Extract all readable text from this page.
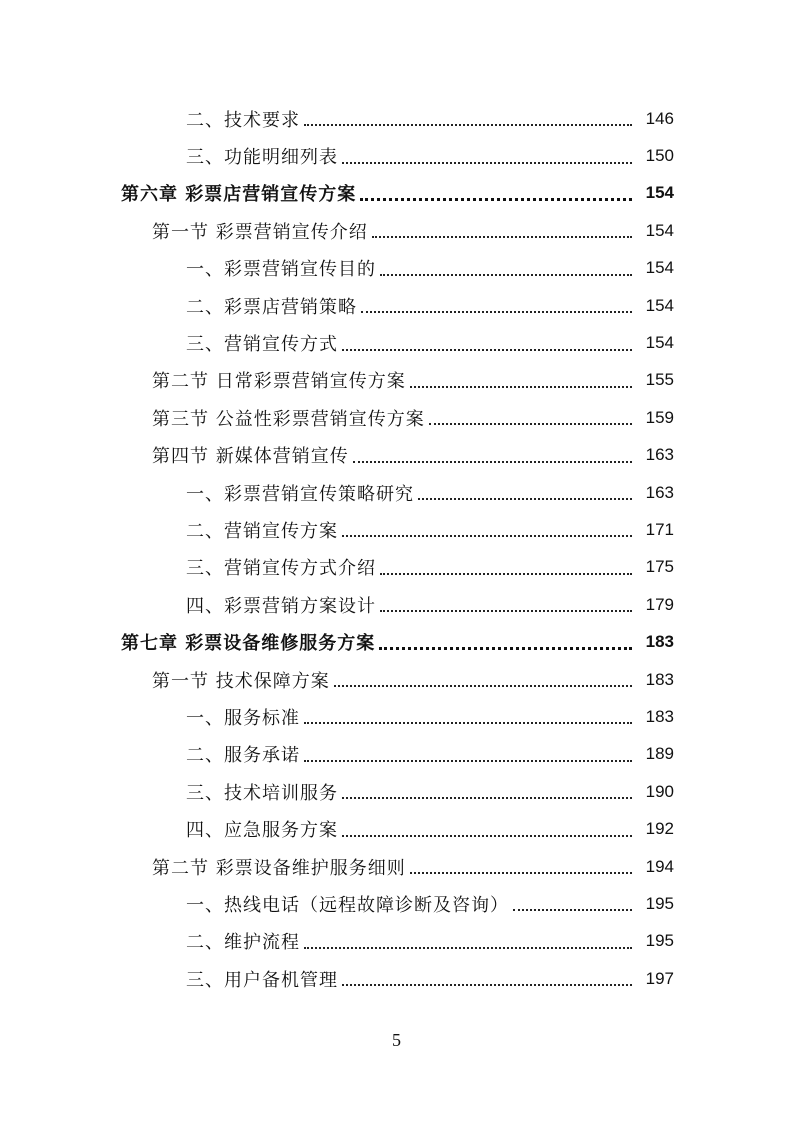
二、技术要求	146
三、功能明细列表	150
第六章 彩票店营销宣传方案	154
第一节 彩票营销宣传介绍	154
一、彩票营销宣传目的	154
二、彩票店营销策略	154
三、营销宣传方式	154
第二节 日常彩票营销宣传方案	155
第三节 公益性彩票营销宣传方案	159
第四节 新媒体营销宣传	163
一、彩票营销宣传策略研究	163
二、营销宣传方案	171
三、营销宣传方式介绍	175
四、彩票营销方案设计	179
第七章 彩票设备维修服务方案	183
第一节 技术保障方案	183
一、服务标准	183
二、服务承诺	189
三、技术培训服务	190
四、应急服务方案	192
第二节 彩票设备维护服务细则	194
一、热线电话（远程故障诊断及咨询）	195
二、维护流程	195
三、用户备机管理	197
5
